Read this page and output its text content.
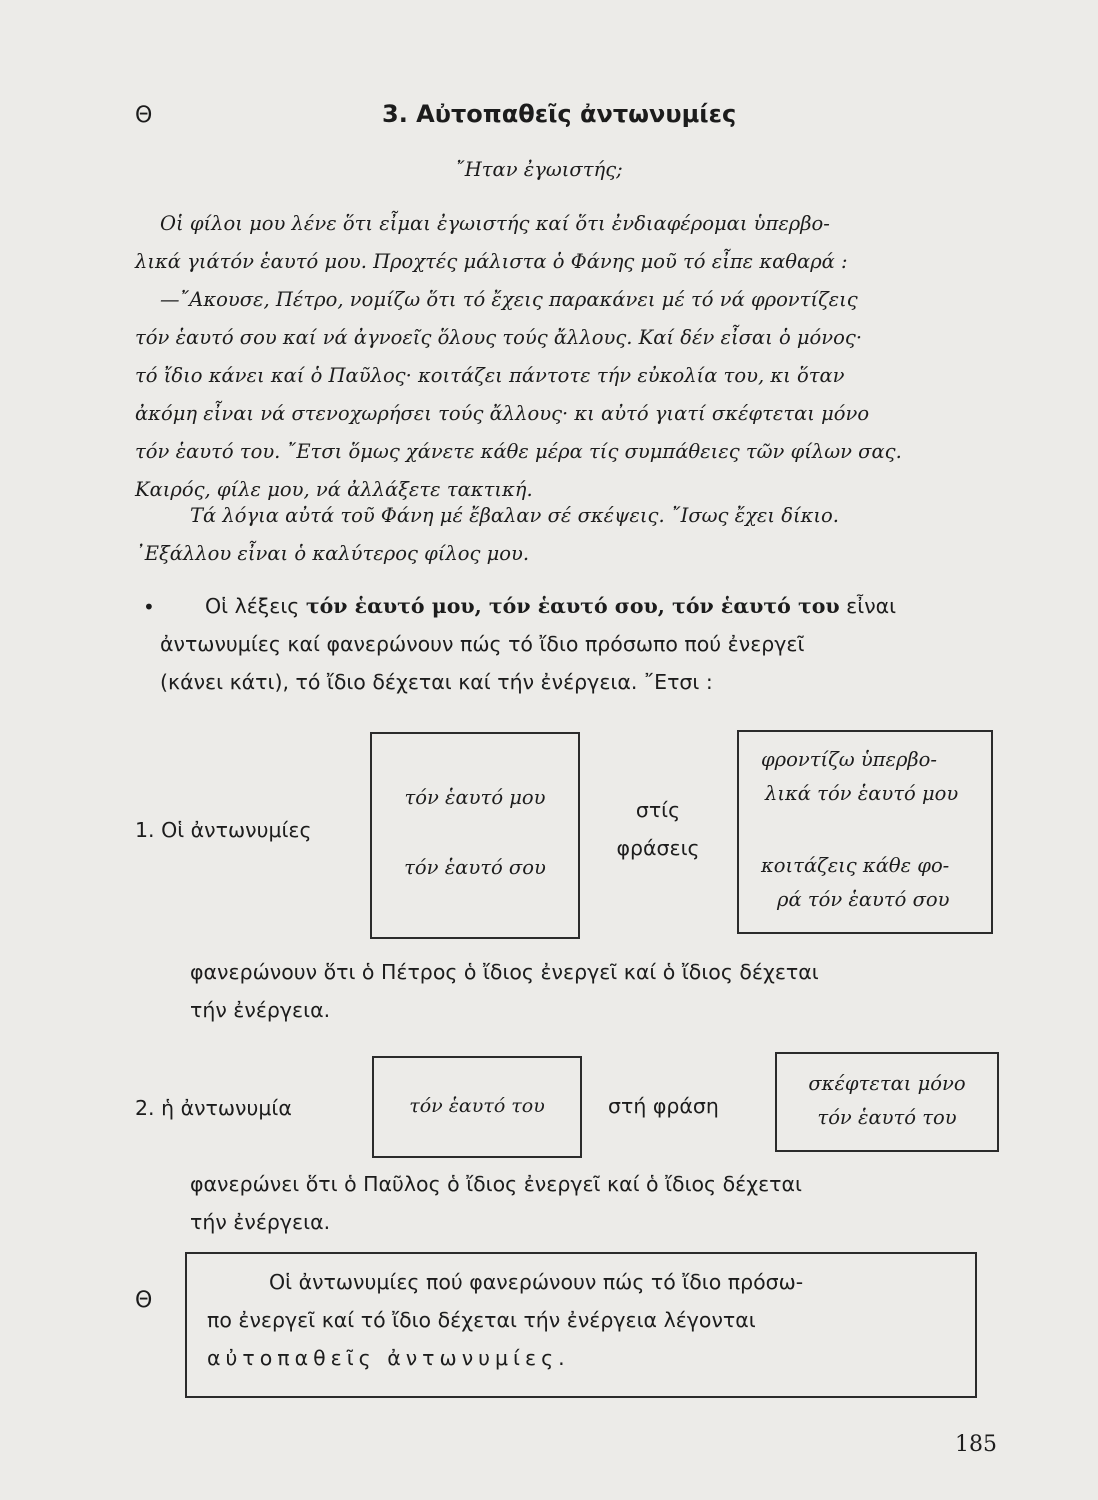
Θ	3. Αὐτοπαθεῖς ἀντωνυμίες
῎Ηταν ἐγωιστής;
Οἱ φίλοι μου λένε ὅτι εἶμαι ἐγωιστής καί ὅτι ἐνδιαφέρομαι ὑπερβο-
λικά γιάτόν ἑαυτό μου. Προχτές μάλιστα ὁ Φάνης μοῦ τό εἶπε καθαρά :
—῎Ακουσε, Πέτρο, νομίζω ὅτι τό ἔχεις παρακάνει μέ τό νά φροντίζεις
τόν ἑαυτό σου καί νά ἀγνοεῖς ὅλους τούς ἄλλους. Καί δέν εἶσαι ὁ μόνος·
τό ἴδιο κάνει καί ὁ Παῦλος· κοιτάζει πάντοτε τήν εὐκολία του, κι ὅταν
ἀκόμη εἶναι νά στενοχωρήσει τούς ἄλλους· κι αὐτό γιατί σκέφτεται μόνο
τόν ἑαυτό του. ῎Ετσι ὅμως χάνετε κάθε μέρα τίς συμπάθειες τῶν φίλων σας.
Καιρός, φίλε μου, νά ἀλλάξετε τακτική.
Τά λόγια αὐτά τοῦ Φάνη μέ ἔβαλαν σέ σκέψεις. ῎Ισως ἔχει δίκιο.
᾿Εξάλλου εἶναι ὁ καλύτερος φίλος μου.
• Οἱ λέξεις τόν ἑαυτό μου, τόν ἑαυτό σου, τόν ἑαυτό του εἶναι
ἀντωνυμίες καί φανερώνουν πώς τό ἴδιο πρόσωπο πού ἐνεργεῖ
(κάνει κάτι), τό ἴδιο δέχεται καί τήν ἐνέργεια. ῎Ετσι :
1. Οἱ ἀντωνυμίες
τόν ἑαυτό μου
τόν ἑαυτό σου
στίς
φράσεις
φροντίζω ὑπερβο-
λικά τόν ἑαυτό μου
κοιτάζεις κάθε φο-
ρά τόν ἑαυτό σου
φανερώνουν ὅτι ὁ Πέτρος ὁ ἴδιος ἐνεργεῖ καί ὁ ἴδιος δέχεται
τήν ἐνέργεια.
2. ἡ ἀντωνυμία	τόν ἑαυτό του	στή φράση
σκέφτεται μόνο
τόν ἑαυτό του
φανερώνει ὅτι ὁ Παῦλος ὁ ἴδιος ἐνεργεῖ καί ὁ ἴδιος δέχεται
τήν ἐνέργεια.
Θ
Οἱ ἀντωνυμίες πού φανερώνουν πώς τό ἴδιο πρόσω-
πο ἐνεργεῖ καί τό ἴδιο δέχεται τήν ἐνέργεια λέγονται
αὐτοπαθεῖς ἀντωνυμίες.
185
